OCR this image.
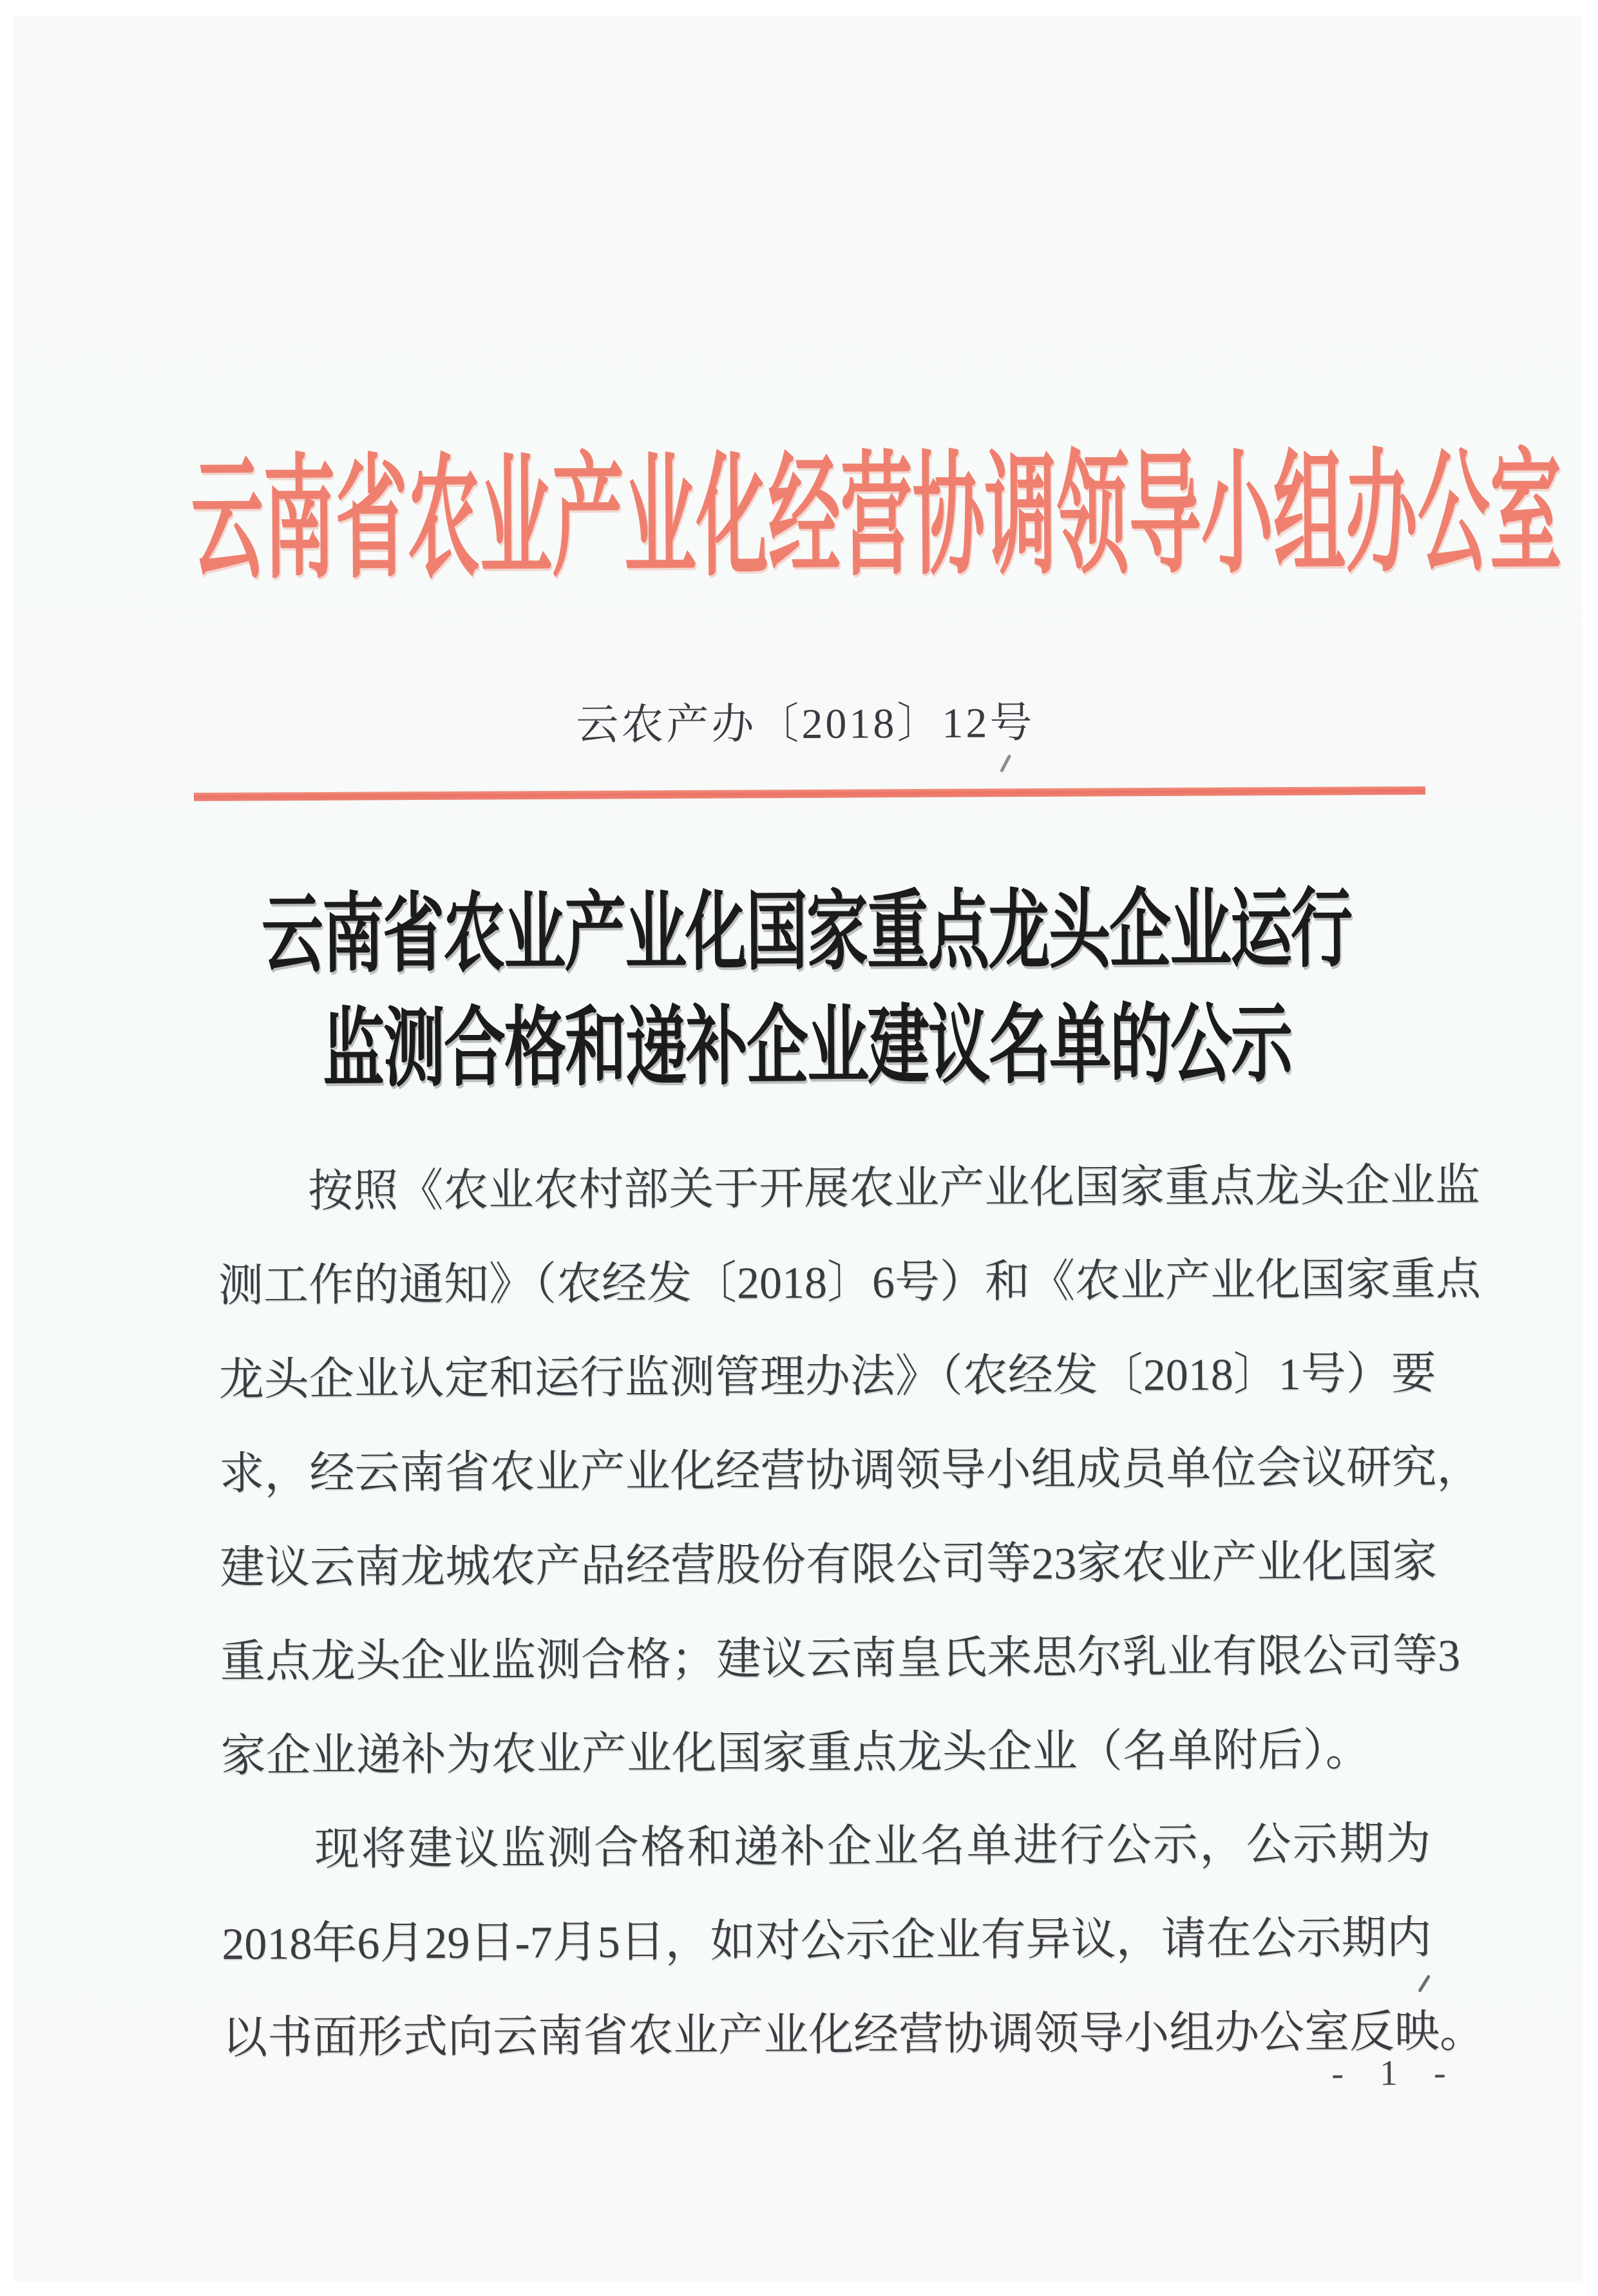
云南省农业产业化经营协调领导小组办公室
云农产办〔2018〕12号
云南省农业产业化国家重点龙头企业运行
监测合格和递补企业建议名单的公示
　　按照《农业农村部关于开展农业产业化国家重点龙头企业监
测工作的通知》（农经发〔2018〕6号）和《农业产业化国家重点
龙头企业认定和运行监测管理办法》（农经发〔2018〕1号）要
求，经云南省农业产业化经营协调领导小组成员单位会议研究，
建议云南龙城农产品经营股份有限公司等23家农业产业化国家
重点龙头企业监测合格；建议云南皇氏来思尔乳业有限公司等3
家企业递补为农业产业化国家重点龙头企业（名单附后）。
　　现将建议监测合格和递补企业名单进行公示，公示期为
2018年6月29日-7月5日，如对公示企业有异议，请在公示期内
以书面形式向云南省农业产业化经营协调领导小组办公室反映。
- 1 -
